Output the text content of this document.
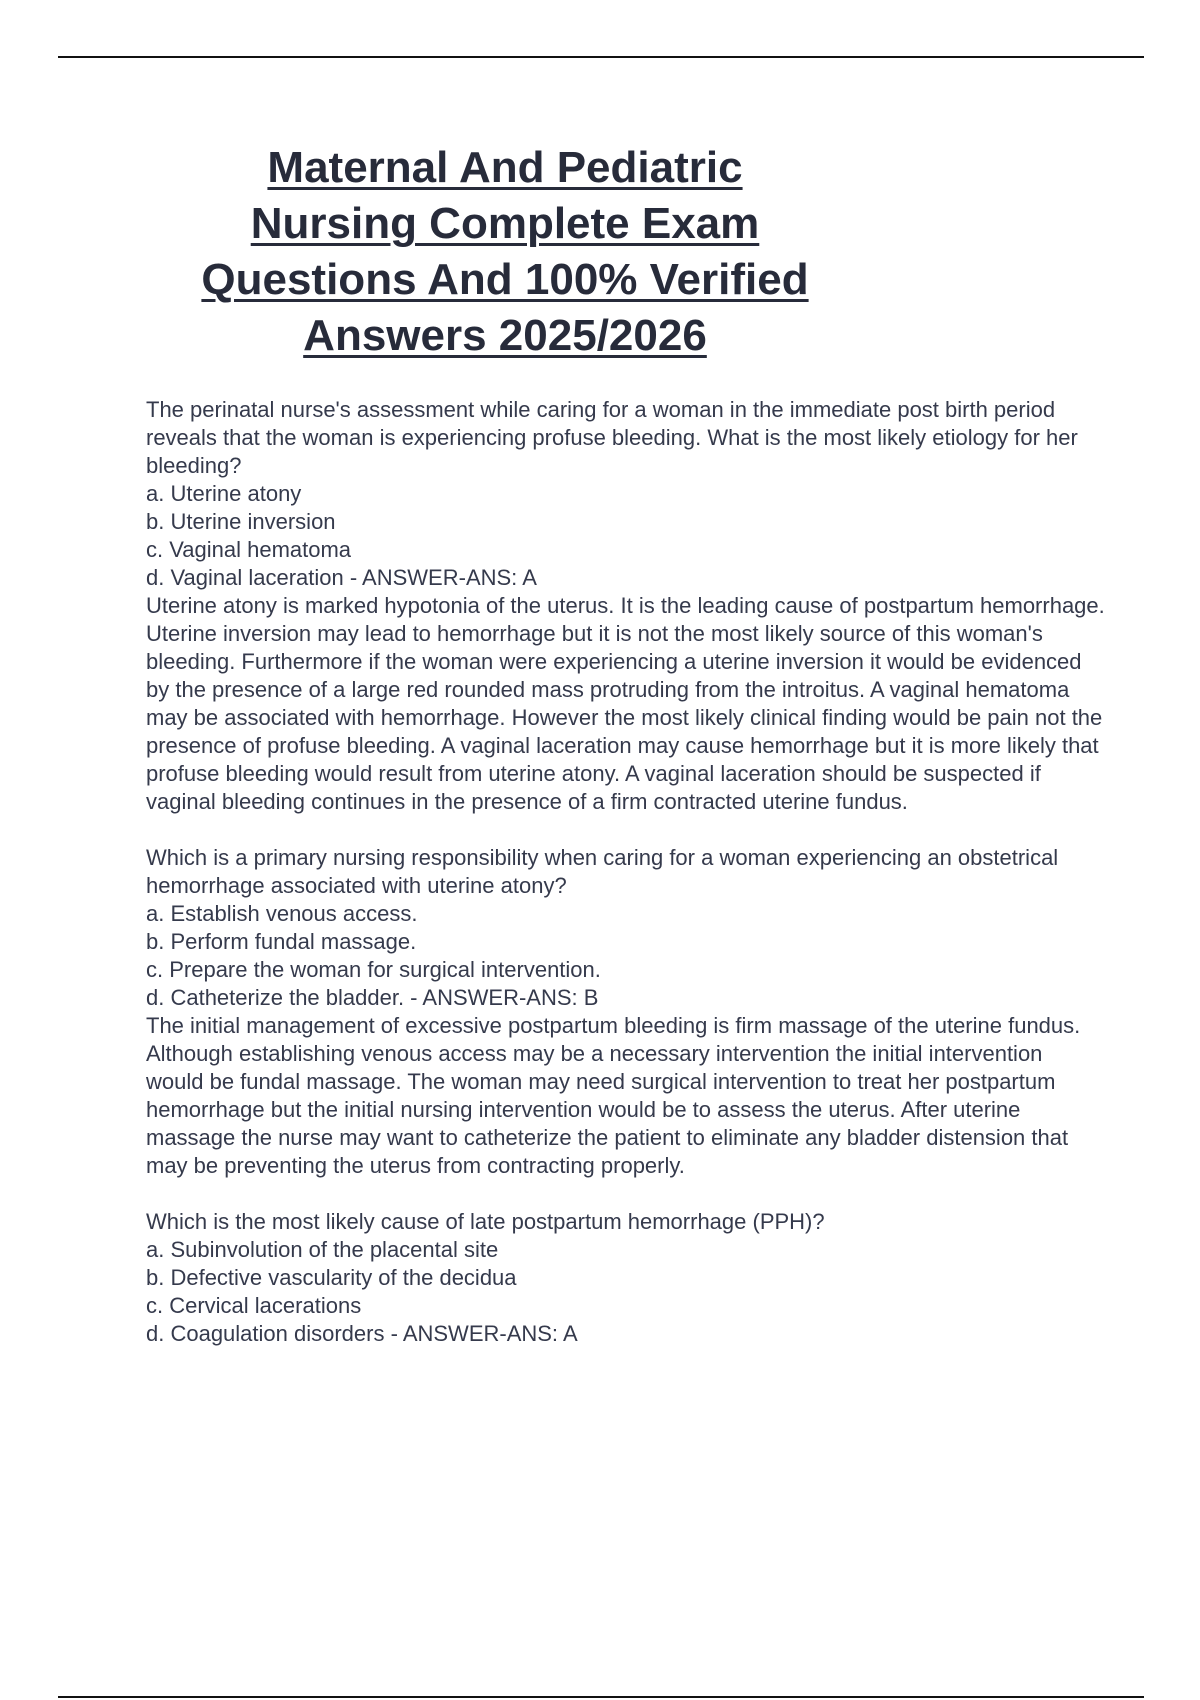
Maternal And Pediatric
Nursing Complete Exam
Questions And 100% Verified
Answers 2025/2026
The perinatal nurse's assessment while caring for a woman in the immediate post birth period reveals that the woman is experiencing profuse bleeding. What is the most likely etiology for her bleeding?
a. Uterine atony
b. Uterine inversion
c. Vaginal hematoma
d. Vaginal laceration - ANSWER-ANS: A
Uterine atony is marked hypotonia of the uterus. It is the leading cause of postpartum hemorrhage. Uterine inversion may lead to hemorrhage but it is not the most likely source of this woman's bleeding. Furthermore if the woman were experiencing a uterine inversion it would be evidenced by the presence of a large red rounded mass protruding from the introitus. A vaginal hematoma may be associated with hemorrhage. However the most likely clinical finding would be pain not the presence of profuse bleeding. A vaginal laceration may cause hemorrhage but it is more likely that profuse bleeding would result from uterine atony. A vaginal laceration should be suspected if vaginal bleeding continues in the presence of a firm contracted uterine fundus.
Which is a primary nursing responsibility when caring for a woman experiencing an obstetrical hemorrhage associated with uterine atony?
a. Establish venous access.
b. Perform fundal massage.
c. Prepare the woman for surgical intervention.
d. Catheterize the bladder. - ANSWER-ANS: B
The initial management of excessive postpartum bleeding is firm massage of the uterine fundus. Although establishing venous access may be a necessary intervention the initial intervention would be fundal massage. The woman may need surgical intervention to treat her postpartum hemorrhage but the initial nursing intervention would be to assess the uterus. After uterine massage the nurse may want to catheterize the patient to eliminate any bladder distension that may be preventing the uterus from contracting properly.
Which is the most likely cause of late postpartum hemorrhage (PPH)?
a. Subinvolution of the placental site
b. Defective vascularity of the decidua
c. Cervical lacerations
d. Coagulation disorders - ANSWER-ANS: A
